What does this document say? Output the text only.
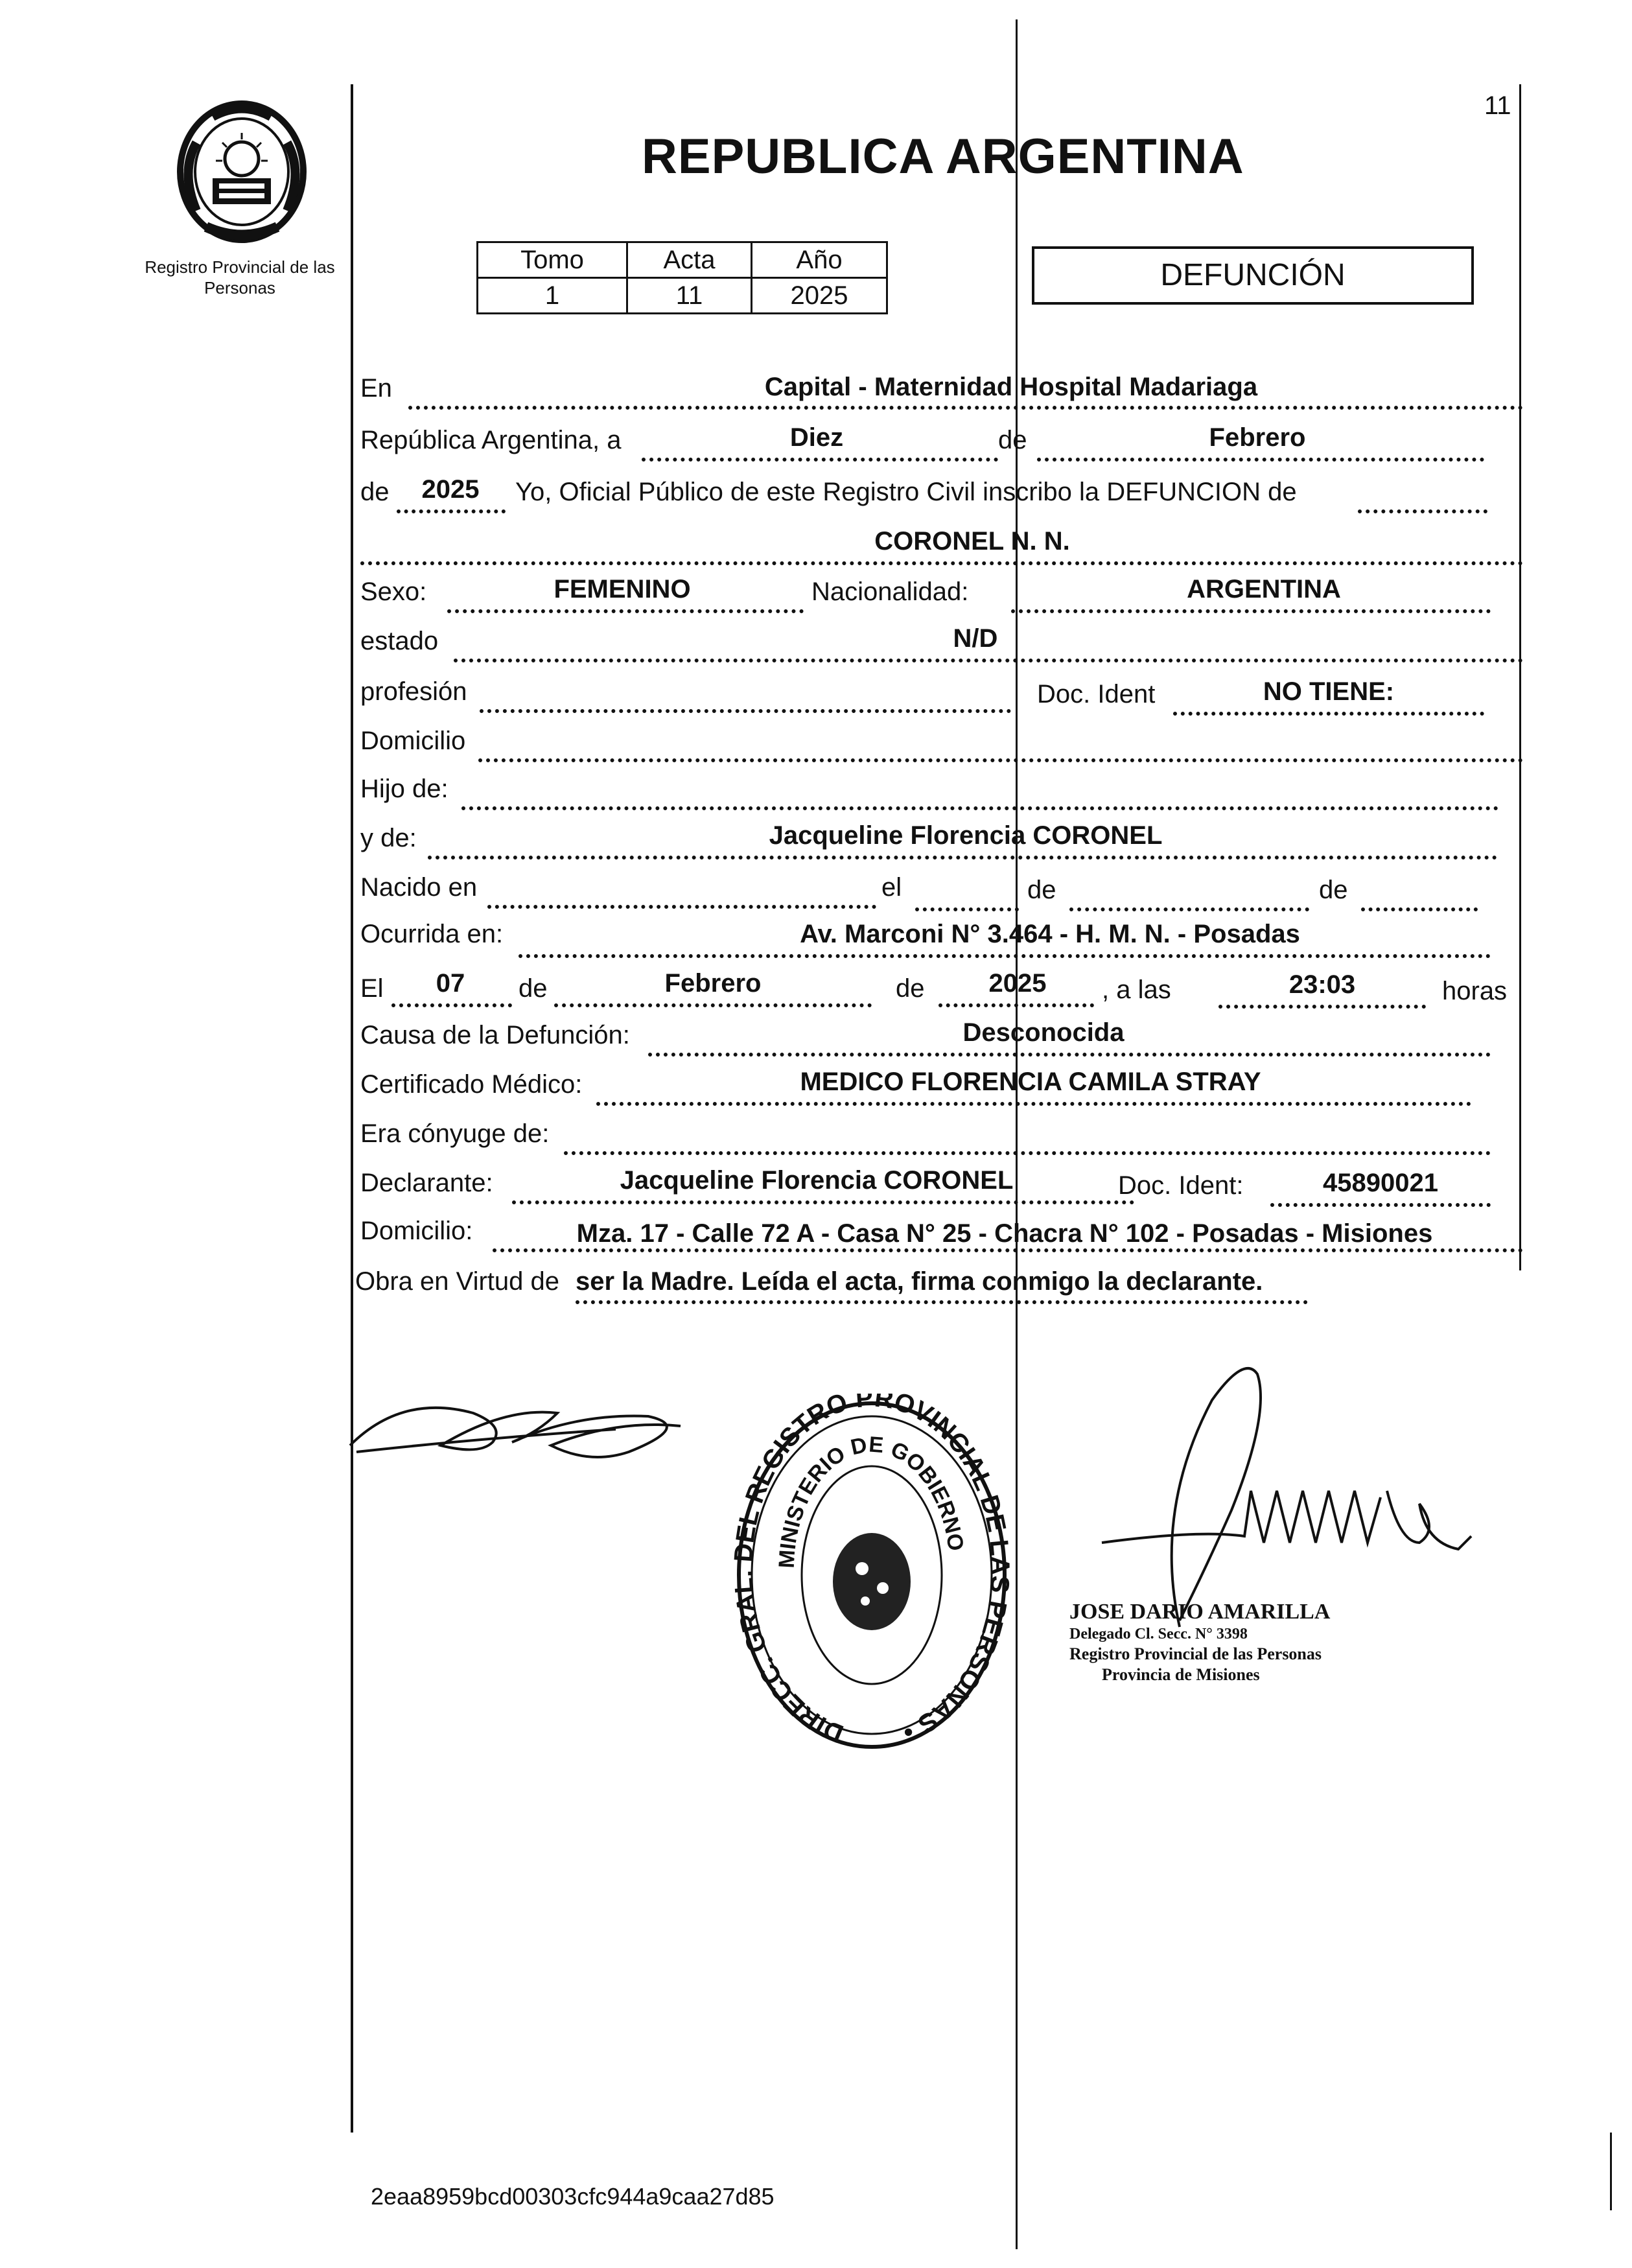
11
Registro Provincial de las Personas
REPUBLICA ARGENTINA
Tomo	Acta	Año
1	11	2025
DEFUNCIÓN
En	Capital - Maternidad Hospital Madariaga
República Argentina, a	Diez	de	Febrero
de	2025	Yo, Oficial Público de este Registro Civil inscribo la DEFUNCION de
CORONEL N. N.
Sexo:	FEMENINO	Nacionalidad:	ARGENTINA
estado	N/D
profesión	Doc. Ident	NO TIENE:
Domicilio
Hijo de:
y de:	Jacqueline Florencia CORONEL
Nacido en	el	de	de
Ocurrida en:	Av. Marconi N° 3.464 - H. M. N. - Posadas
El	07	de	Febrero	de	2025	, a las	23:03	horas
Causa de la Defunción:	Desconocida
Certificado Médico:	MEDICO FLORENCIA CAMILA STRAY
Era cónyuge de:
Declarante:	Jacqueline Florencia CORONEL	Doc. Ident:	45890021
Domicilio:	Mza. 17 - Calle 72 A - Casa N° 25 - Chacra N° 102 - Posadas - Misiones
Obra en Virtud de ser la Madre. Leída el acta, firma conmigo la declarante.
DIRECC. GRA EL REGISTRO PROVINCIAL DE L PERSONAS •
MINISTERIO DE GOBIERNO
JOSE DARIO AMARILLA
Delegado Cl. Secc. N° 3398
Registro Provincial de las Personas
Provincia de Misiones
2eaa8959bcd00303cfc944a9caa27d85
